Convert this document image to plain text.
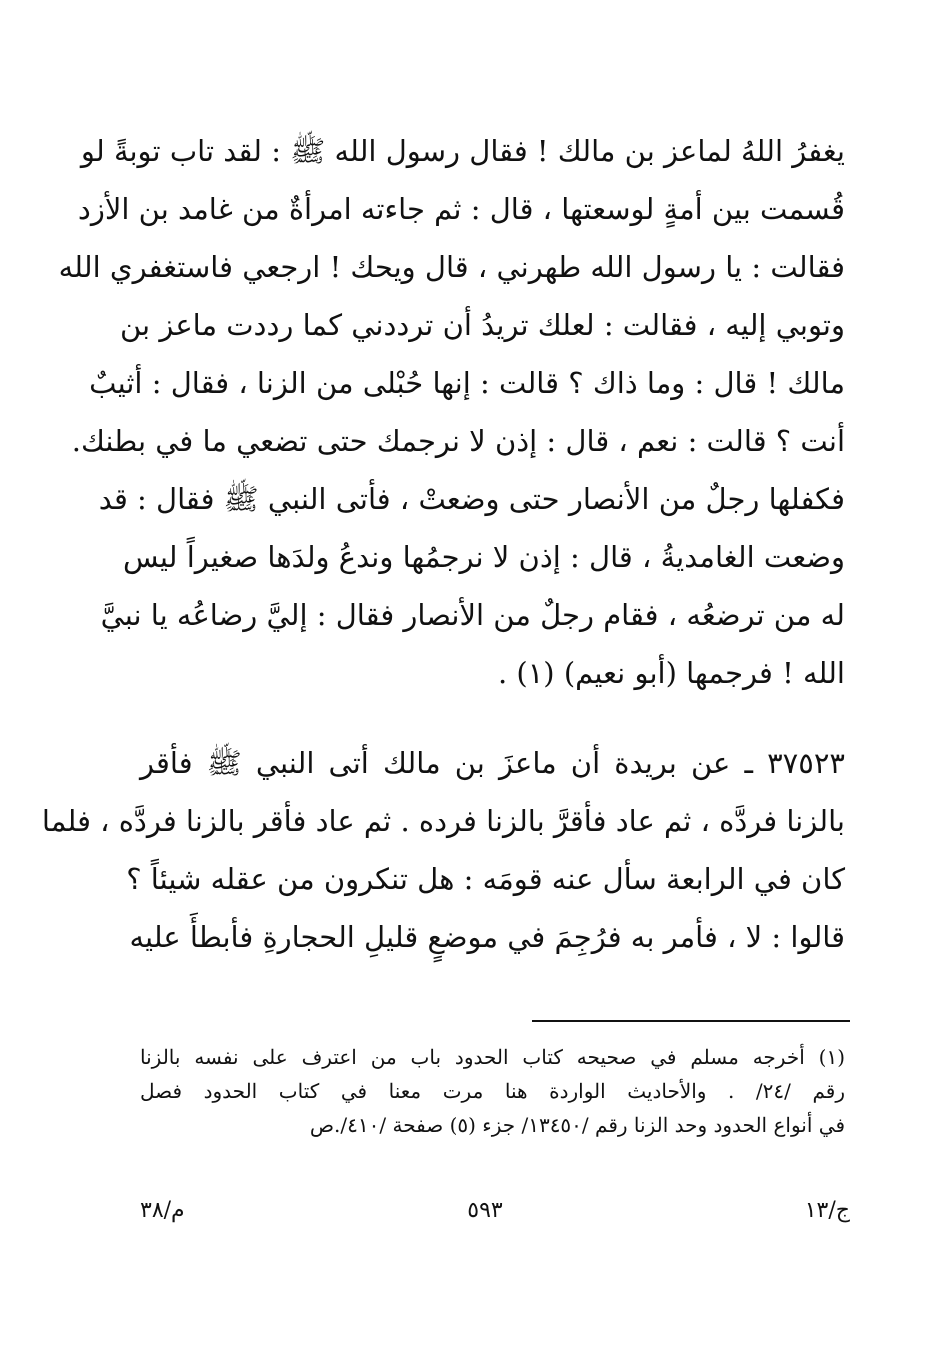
يغفرُ اللهُ لماعز بن مالك ! فقال رسول الله ﷺ : لقد تاب توبةً لو
قُسمت بين أمةٍ لوسعتها ، قال : ثم جاءته امرأةٌ من غامد بن الأزد
فقالت : يا رسول الله طهرني ، قال ويحك ! ارجعي فاستغفري الله
وتوبي إليه ، فقالت : لعلك تريدُ أن ترددني كما رددت ماعز بن
مالك ! قال : وما ذاك ؟ قالت : إنها حُبْلى من الزنا ، فقال : أثيبٌ
أنت ؟ قالت : نعم ، قال : إذن لا نرجمك حتى تضعي ما في بطنك.
فكفلها رجلٌ من الأنصار حتى وضعتْ ، فأتى النبي ﷺ فقال : قد
وضعت الغامديةُ ، قال : إذن لا نرجمُها وندعُ ولدَها صغيراً ليس
له من ترضعُه ، فقام رجلٌ من الأنصار فقال : إليَّ رضاعُه يا نبيَّ
الله ! فرجمها (أبو نعيم) (١) .
٣٧٥٢٣ ـ عن بريدة أن ماعزَ بن مالك أتى النبي ﷺ فأقر
بالزنا فردَّه ، ثم عاد فأقرَّ بالزنا فرده . ثم عاد فأقر بالزنا فردَّه ، فلما
كان في الرابعة سأل عنه قومَه : هل تنكرون من عقله شيئاً ؟
قالوا : لا ، فأمر به فرُجِمَ في موضعٍ قليلِ الحجارةِ فأبطأَ عليه
(١) أخرجه مسلم في صحيحه كتاب الحدود باب من اعترف على نفسه بالزنا
رقم /٢٤/ . والأحاديث الواردة هنا مرت معنا في كتاب الحدود فصل
في أنواع الحدود وحد الزنا رقم /١٣٤٥٠/ جزء (٥) صفحة /٤١٠/.ص
ج/١٣
٥٩٣
م/٣٨
